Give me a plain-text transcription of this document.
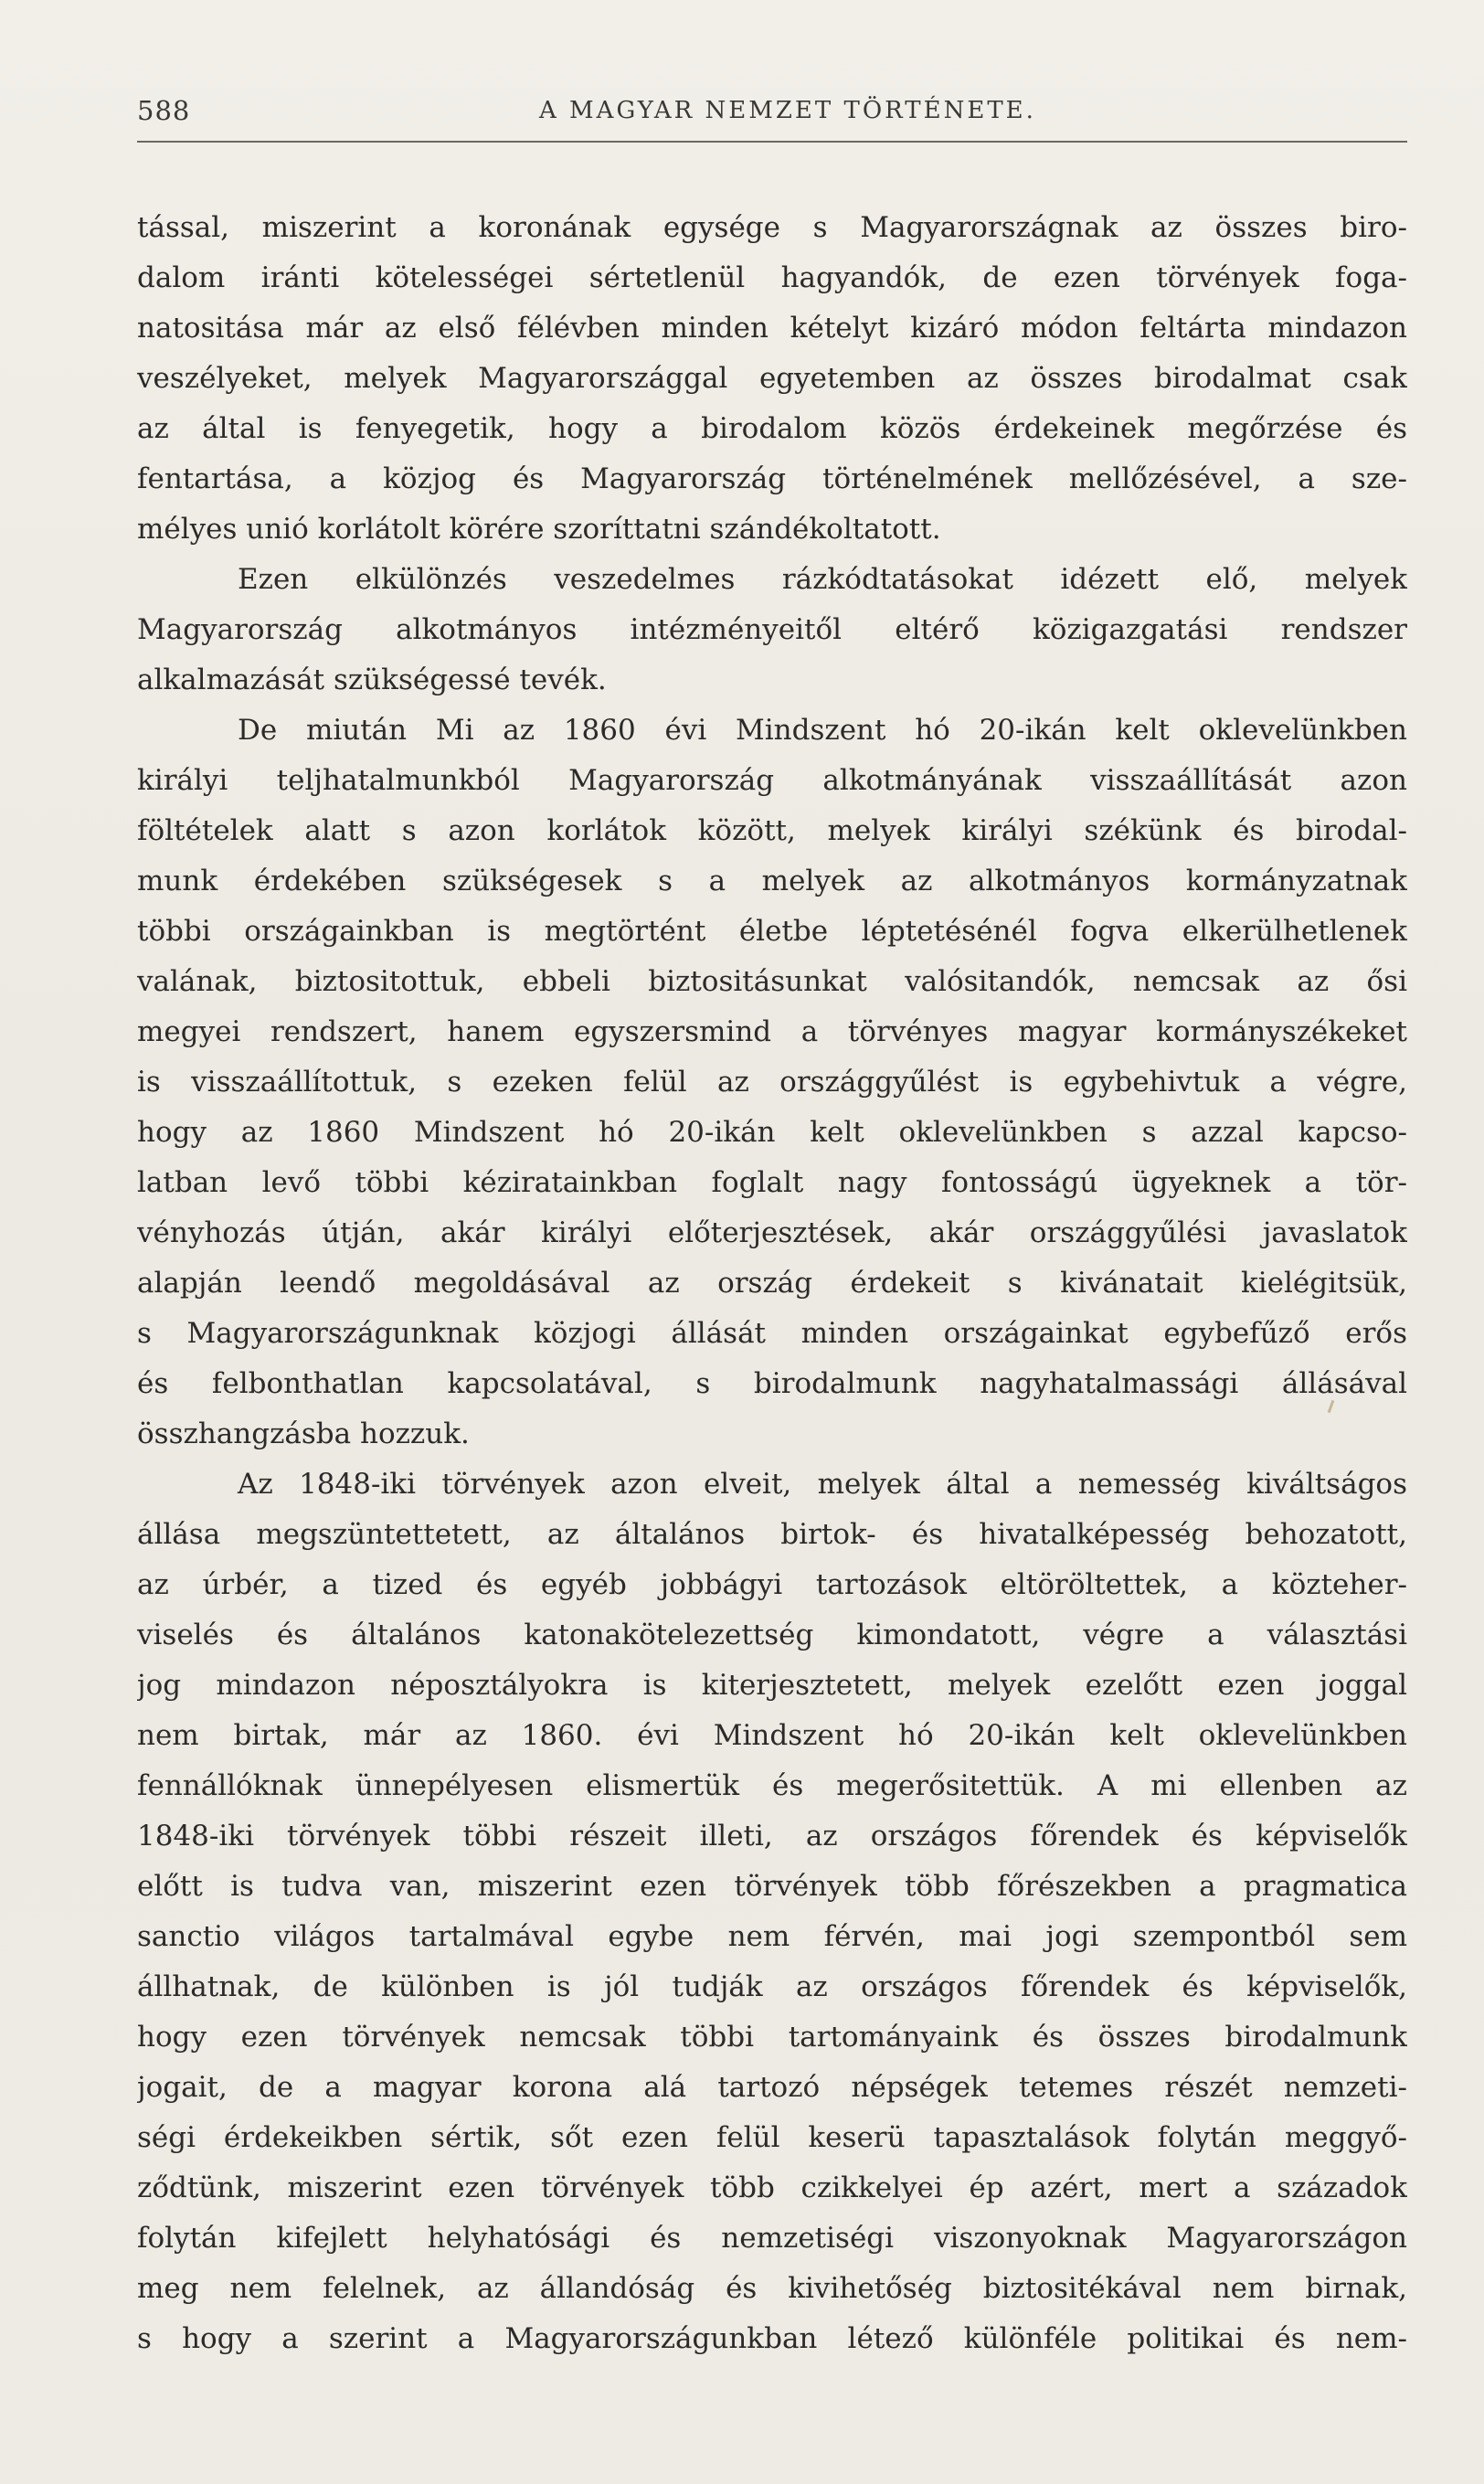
588	A MAGYAR NEMZET TÖRTÉNETE.
tással, miszerint a koronának egysége s Magyarországnak az összes biro-
dalom iránti kötelességei sértetlenül hagyandók, de ezen törvények foga-
natositása már az első félévben minden kételyt kizáró módon feltárta mindazon
veszélyeket, melyek Magyarországgal egyetemben az összes birodalmat csak
az által is fenyegetik, hogy a birodalom közös érdekeinek megőrzése és
fentartása, a közjog és Magyarország történelmének mellőzésével, a sze-
mélyes unió korlátolt körére szoríttatni szándékoltatott.
Ezen elkülönzés veszedelmes rázkódtatásokat idézett elő, melyek
Magyarország alkotmányos intézményeitől eltérő közigazgatási rendszer
alkalmazását szükségessé tevék.
De miután Mi az 1860 évi Mindszent hó 20-ikán kelt oklevelünkben
királyi teljhatalmunkból Magyarország alkotmányának visszaállítását azon
föltételek alatt s azon korlátok között, melyek királyi székünk és birodal-
munk érdekében szükségesek s a melyek az alkotmányos kormányzatnak
többi országainkban is megtörtént életbe léptetésénél fogva elkerülhetlenek
valának, biztositottuk, ebbeli biztositásunkat valósitandók, nemcsak az ősi
megyei rendszert, hanem egyszersmind a törvényes magyar kormányszékeket
is visszaállítottuk, s ezeken felül az országgyűlést is egybehivtuk a végre,
hogy az 1860 Mindszent hó 20-ikán kelt oklevelünkben s azzal kapcso-
latban levő többi kéziratainkban foglalt nagy fontosságú ügyeknek a tör-
vényhozás útján, akár királyi előterjesztések, akár országgyűlési javaslatok
alapján leendő megoldásával az ország érdekeit s kivánatait kielégitsük,
s Magyarországunknak közjogi állását minden országainkat egybefűző erős
és felbonthatlan kapcsolatával, s birodalmunk nagyhatalmassági állásával
összhangzásba hozzuk.
Az 1848-iki törvények azon elveit, melyek által a nemesség kiváltságos
állása megszüntettetett, az általános birtok- és hivatalképesség behozatott,
az úrbér, a tized és egyéb jobbágyi tartozások eltöröltettek, a közteher-
viselés és általános katonakötelezettség kimondatott, végre a választási
jog mindazon néposztályokra is kiterjesztetett, melyek ezelőtt ezen joggal
nem birtak, már az 1860. évi Mindszent hó 20-ikán kelt oklevelünkben
fennállóknak ünnepélyesen elismertük és megerősitettük. A mi ellenben az
1848-iki törvények többi részeit illeti, az országos főrendek és képviselők
előtt is tudva van, miszerint ezen törvények több főrészekben a pragmatica
sanctio világos tartalmával egybe nem férvén, mai jogi szempontból sem
állhatnak, de különben is jól tudják az országos főrendek és képviselők,
hogy ezen törvények nemcsak többi tartományaink és összes birodalmunk
jogait, de a magyar korona alá tartozó népségek tetemes részét nemzeti-
ségi érdekeikben sértik, sőt ezen felül keserü tapasztalások folytán meggyő-
ződtünk, miszerint ezen törvények több czikkelyei ép azért, mert a századok
folytán kifejlett helyhatósági és nemzetiségi viszonyoknak Magyarországon
meg nem felelnek, az állandóság és kivihetőség biztositékával nem birnak,
s hogy a szerint a Magyarországunkban létező különféle politikai és nem-
